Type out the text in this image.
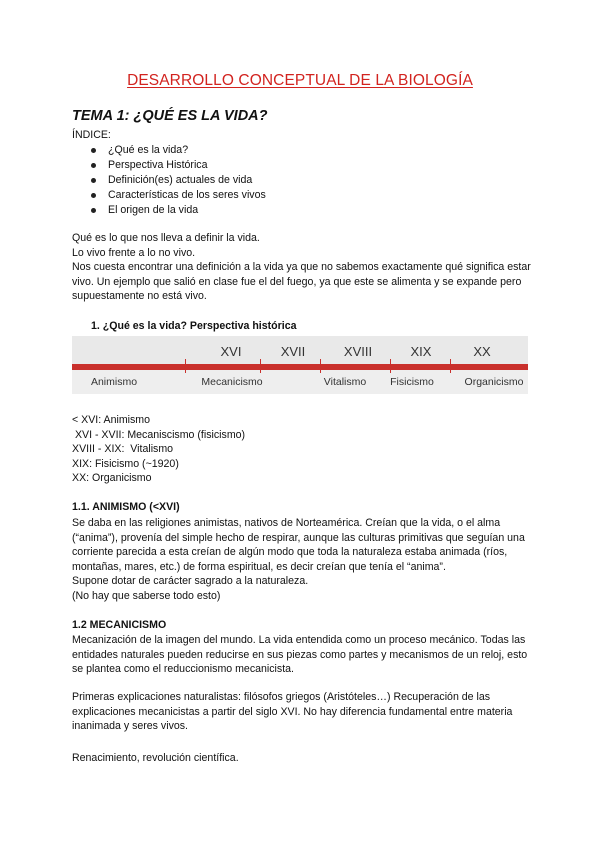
DESARROLLO CONCEPTUAL DE LA BIOLOGÍA
TEMA 1: ¿QUÉ ES LA VIDA?
ÍNDICE:
¿Qué es la vida?
Perspectiva Histórica
Definición(es) actuales de vida
Características de los seres vivos
El origen de la vida

Qué es lo que nos lleva a definir la vida.

Lo vivo frente a lo no vivo.

Nos cuesta encontrar una definición a la vida ya que no sabemos exactamente qué significa estar vivo. Un ejemplo que salió en clase fue el del fuego, ya que este se alimenta y se expande pero supuestamente no está vivo.

1. ¿Qué es la vida? Perspectiva histórica
XVI	XVII	XVIII	XIX	XX
Animismo	Mecanicismo	Vitalismo Fisicismo	Organicismo

< XVI: Animismo

XVI - XVII: Mecaniscismo (fisicismo)

XVIII - XIX:  Vitalismo

XIX: Fisicismo (~1920)

XX: Organicismo

1.1. ANIMISMO (<XVI)

Se daba en las religiones animistas, nativos de Norteamérica. Creían que la vida, o el alma (“anima”), provenía del simple hecho de respirar, aunque las culturas primitivas que seguían una corriente parecida a esta creían de algún modo que toda la naturaleza estaba animada (ríos, montañas, mares, etc.) de forma espiritual, es decir creían que tenía el “anima”.

Supone dotar de carácter sagrado a la naturaleza.

(No hay que saberse todo esto)

1.2 MECANICISMO

Mecanización de la imagen del mundo. La vida entendida como un proceso mecánico. Todas las entidades naturales pueden reducirse en sus piezas como partes y mecanismos de un reloj, esto se plantea como el reduccionismo mecanicista.

Primeras explicaciones naturalistas: filósofos griegos (Aristóteles…) Recuperación de las explicaciones mecanicistas a partir del siglo XVI. No hay diferencia fundamental entre materia inanimada y seres vivos.

Renacimiento, revolución científica.
